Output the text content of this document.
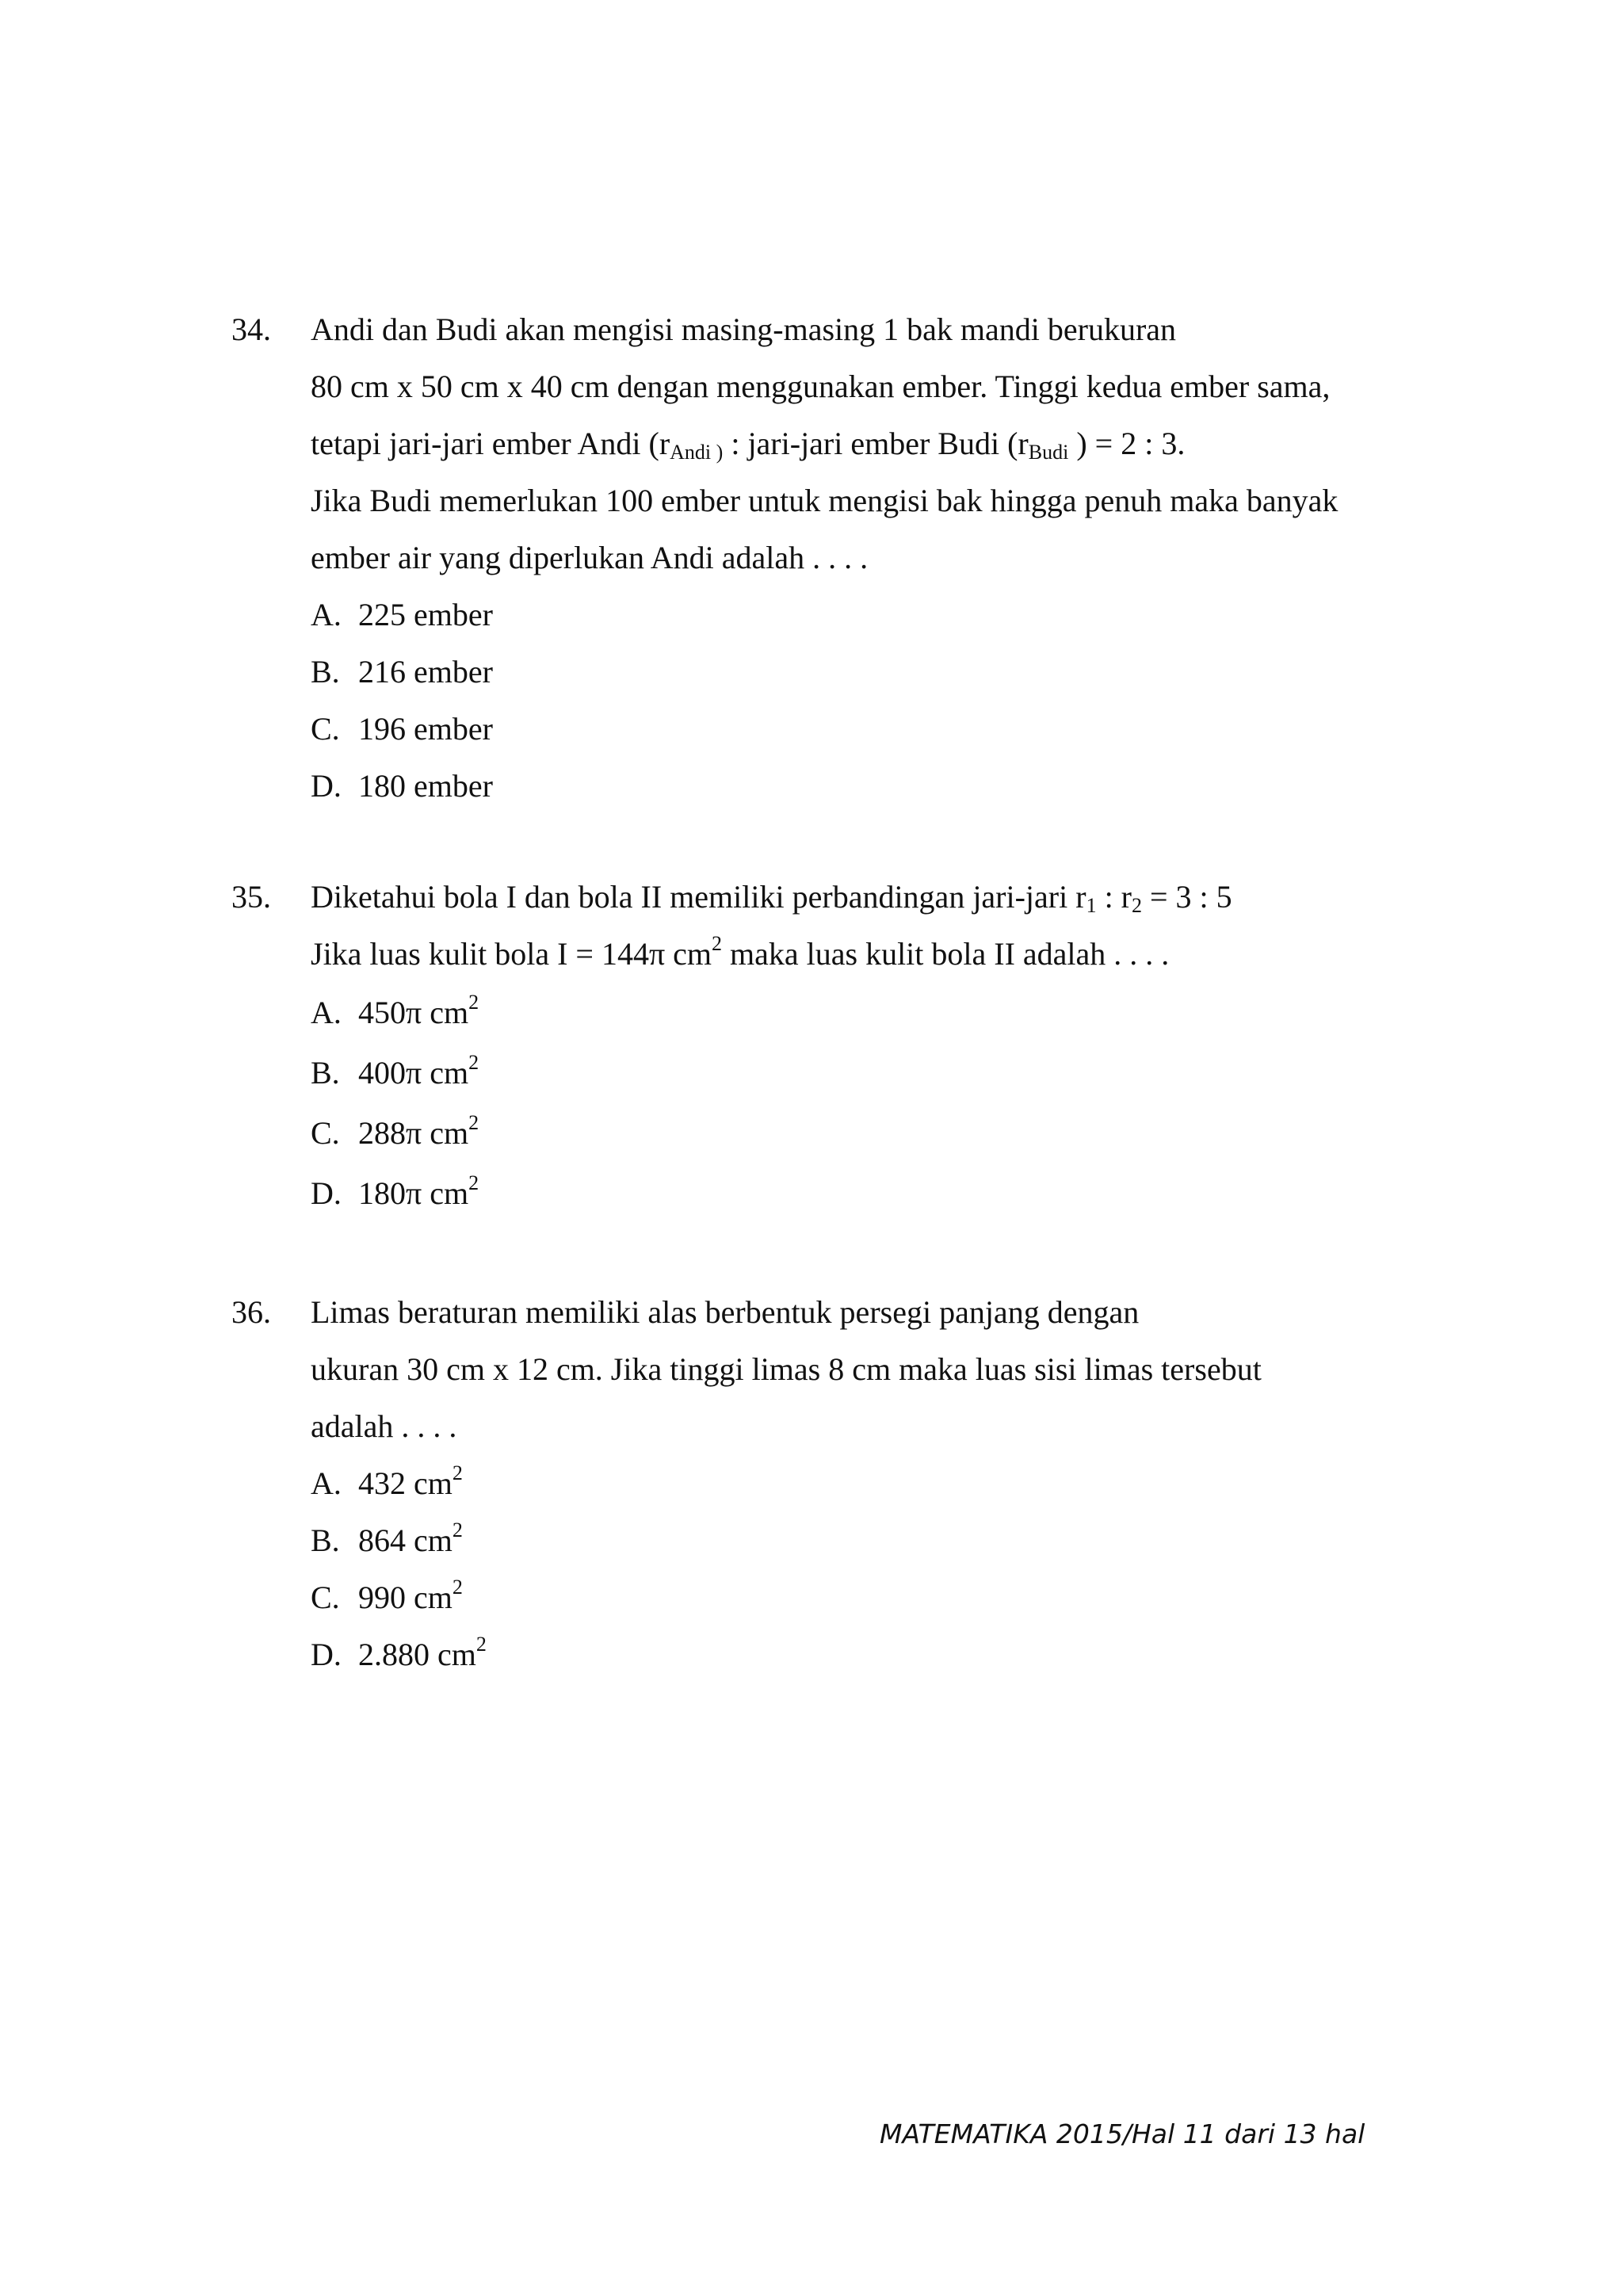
34. Andi dan Budi akan mengisi masing-masing 1 bak mandi berukuran
80 cm x 50 cm x 40 cm dengan menggunakan ember. Tinggi kedua ember sama,
tetapi jari-jari ember Andi ($r_{Andi )}$ : jari-jari ember Budi ($r_{Budi}$ ) = 2 : 3.
Jika Budi memerlukan 100 ember untuk mengisi bak hingga penuh maka banyak
ember air yang diperlukan Andi adalah . . . .
A. 225 ember
B. 216 ember
C. 196 ember
D. 180 ember
35. Diketahui bola I dan bola II memiliki perbandingan jari-jari $r_1$ : $r_2 = 3$ : 5
Jika luas kulit bola I = 144π $cm^2$ maka luas kulit bola II adalah . . . .
A. 450π $cm^2$
B. 400π $cm^2$
C. 288π $cm^2$
D. 180π $cm^2$
36. Limas beraturan memiliki alas berbentuk persegi panjang dengan
ukuran 30 cm x 12 cm. Jika tinggi limas 8 cm maka luas sisi limas tersebut
adalah . . . .
A. 432 $cm^2$
B. 864 $cm^2$
C. 990 $cm^2$
D. 2.880 $cm^2$
MATEMATIKA 2015/Hal 11 dari 13 hal
